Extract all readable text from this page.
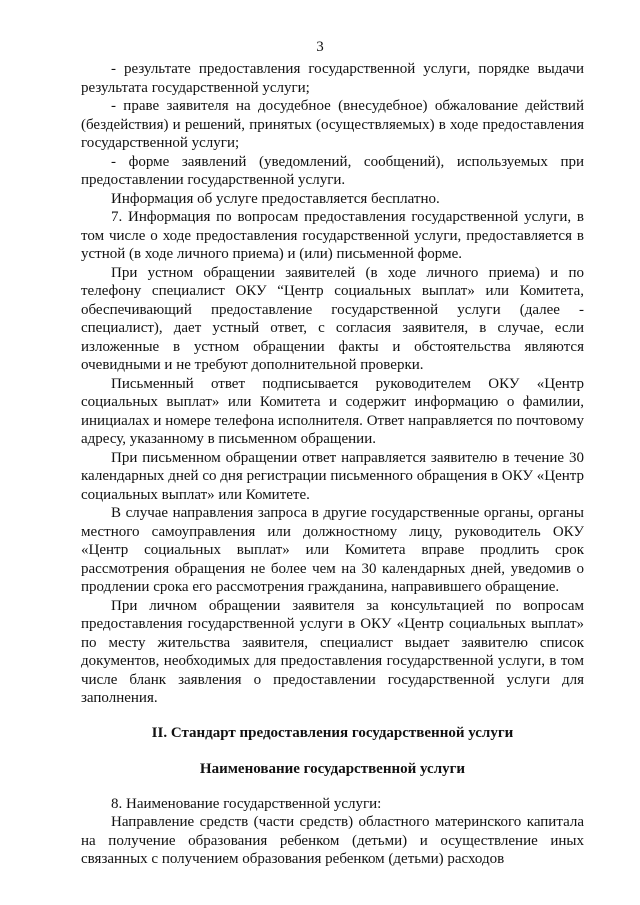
3

- результате предоставления государственной услуги, порядке выдачи результата государственной услуги;

- праве заявителя на досудебное (внесудебное) обжалование действий (бездействия) и решений, принятых (осуществляемых) в ходе предоставления государственной услуги;

- форме заявлений (уведомлений, сообщений), используемых при предоставлении государственной услуги.

Информация об услуге предоставляется бесплатно.

7. Информация по вопросам предоставления государственной услуги, в том числе о ходе предоставления государственной услуги, предоставляется в устной (в ходе личного приема) и (или) письменной форме.

При устном обращении заявителей (в ходе личного приема) и по телефону специалист ОКУ “Центр социальных выплат» или Комитета, обеспечивающий предоставление государственной услуги (далее - специалист), дает устный ответ, с согласия заявителя, в случае, если изложенные в устном обращении факты и обстоятельства являются очевидными и не требуют дополнительной проверки.

Письменный ответ подписывается руководителем ОКУ «Центр социальных выплат» или Комитета и содержит информацию о фамилии, инициалах и номере телефона исполнителя. Ответ направляется по почтовому адресу, указанному в письменном обращении.

При письменном обращении ответ направляется заявителю в течение 30 календарных дней со дня регистрации письменного обращения в ОКУ «Центр социальных выплат» или Комитете.

В случае направления запроса в другие государственные органы, органы местного самоуправления или должностному лицу, руководитель ОКУ «Центр социальных выплат» или Комитета вправе продлить срок рассмотрения обращения не более чем на 30 календарных дней, уведомив о продлении срока его рассмотрения гражданина, направившего обращение.

При личном обращении заявителя за консультацией по вопросам предоставления государственной услуги в ОКУ «Центр социальных выплат» по месту жительства заявителя, специалист выдает заявителю список документов, необходимых для предоставления государственной услуги, в том числе бланк заявления о предоставлении государственной услуги для заполнения.

II. Стандарт предоставления государственной услуги
Наименование государственной услуги

8. Наименование государственной услуги:

Направление средств (части средств) областного материнского капитала на получение образования ребенком (детьми) и осуществление иных связанных с получением образования ребенком (детьми) расходов
